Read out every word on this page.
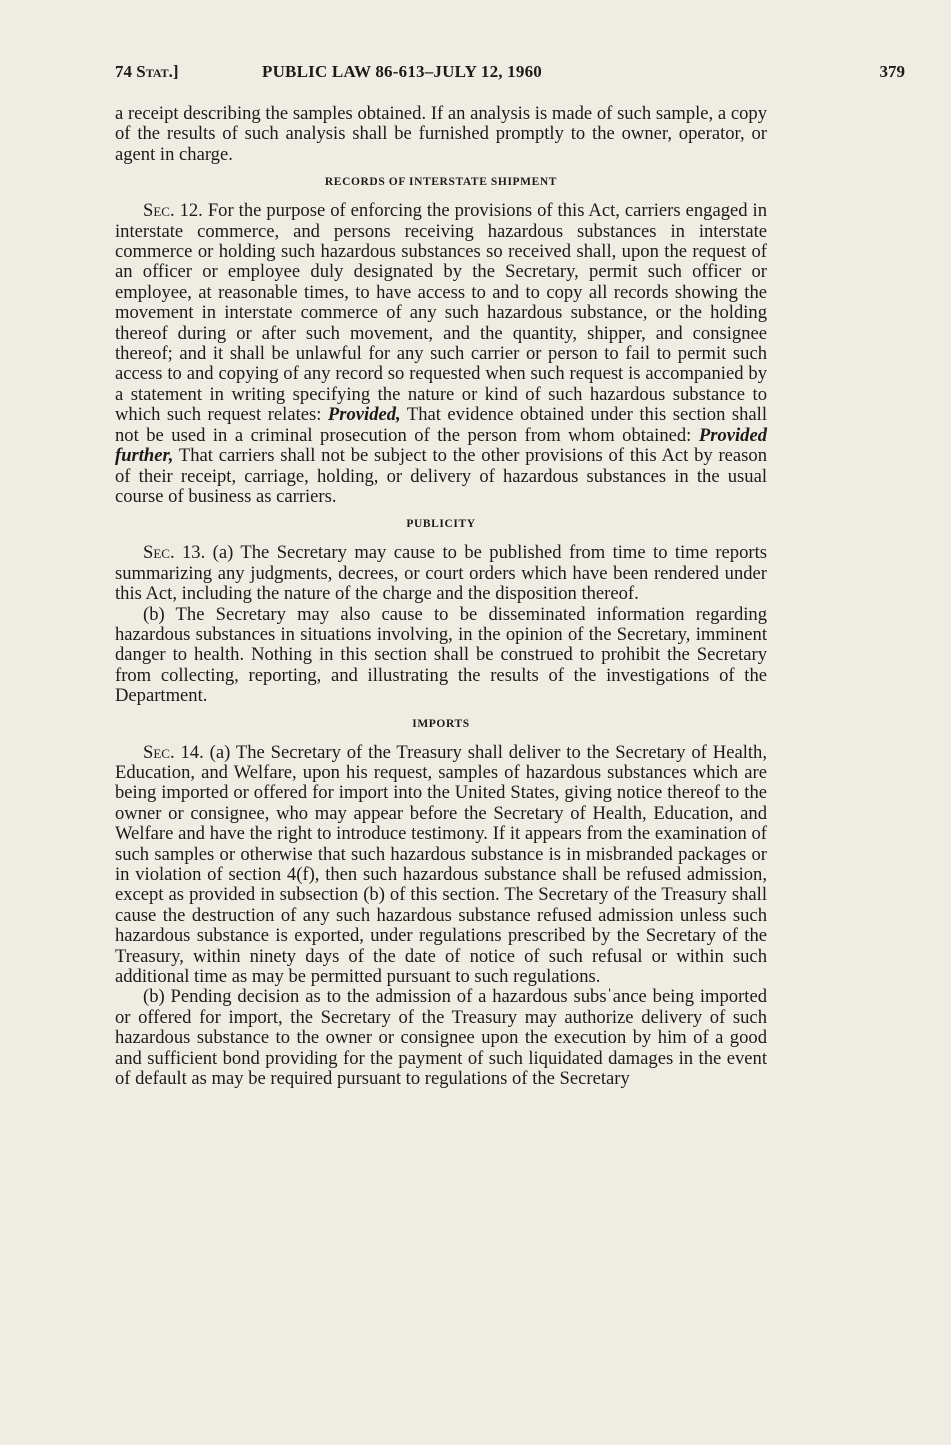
74 Stat.]	PUBLIC LAW 86-613–JULY 12, 1960	379

a receipt describing the samples obtained. If an analysis is made of such sample, a copy of the results of such analysis shall be furnished promptly to the owner, operator, or agent in charge.

RECORDS OF INTERSTATE SHIPMENT

Sec. 12. For the purpose of enforcing the provisions of this Act, carriers engaged in interstate commerce, and persons receiving hazardous substances in interstate commerce or holding such hazardous substances so received shall, upon the request of an officer or employee duly designated by the Secretary, permit such officer or employee, at reasonable times, to have access to and to copy all records showing the movement in interstate commerce of any such hazardous substance, or the holding thereof during or after such movement, and the quantity, shipper, and consignee thereof; and it shall be unlawful for any such carrier or person to fail to permit such access to and copying of any record so requested when such request is accompanied by a statement in writing specifying the nature or kind of such hazardous substance to which such request relates: Provided, That evidence obtained under this section shall not be used in a criminal prosecution of the person from whom obtained: Provided further, That carriers shall not be subject to the other provisions of this Act by reason of their receipt, carriage, holding, or delivery of hazardous substances in the usual course of business as carriers.

PUBLICITY

Sec. 13. (a) The Secretary may cause to be published from time to time reports summarizing any judgments, decrees, or court orders which have been rendered under this Act, including the nature of the charge and the disposition thereof.

(b) The Secretary may also cause to be disseminated information regarding hazardous substances in situations involving, in the opinion of the Secretary, imminent danger to health. Nothing in this section shall be construed to prohibit the Secretary from collecting, reporting, and illustrating the results of the investigations of the Department.

IMPORTS

Sec. 14. (a) The Secretary of the Treasury shall deliver to the Secretary of Health, Education, and Welfare, upon his request, samples of hazardous substances which are being imported or offered for import into the United States, giving notice thereof to the owner or consignee, who may appear before the Secretary of Health, Education, and Welfare and have the right to introduce testimony. If it appears from the examination of such samples or otherwise that such hazardous substance is in misbranded packages or in violation of section 4(f), then such hazardous substance shall be refused admission, except as provided in subsection (b) of this section. The Secretary of the Treasury shall cause the destruction of any such hazardous substance refused admission unless such hazardous substance is exported, under regulations prescribed by the Secretary of the Treasury, within ninety days of the date of notice of such refusal or within such additional time as may be permitted pursuant to such regulations.

(b) Pending decision as to the admission of a hazardous subsˈance being imported or offered for import, the Secretary of the Treasury may authorize delivery of such hazardous substance to the owner or consignee upon the execution by him of a good and sufficient bond providing for the payment of such liquidated damages in the event of default as may be required pursuant to regulations of the Secretary
